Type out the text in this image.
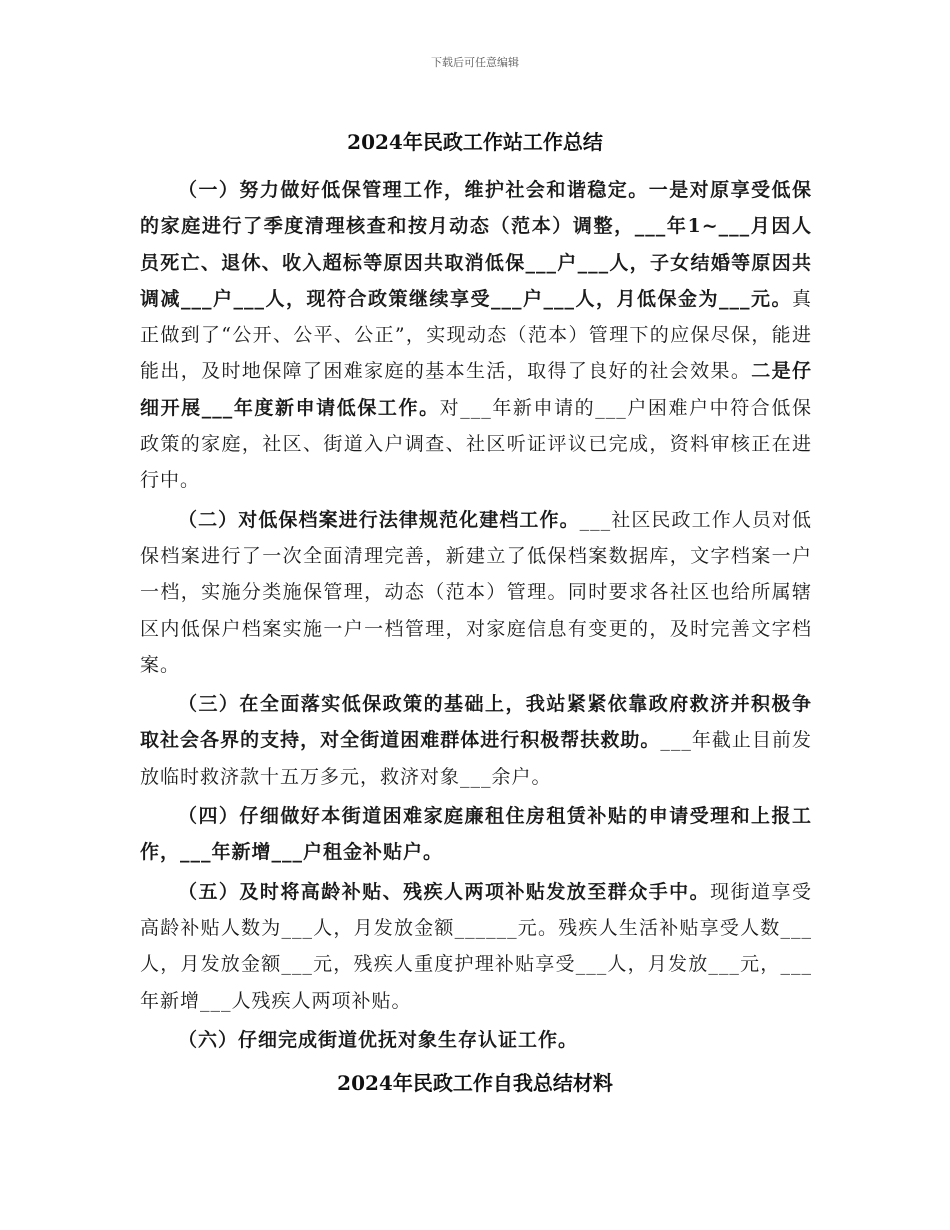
下载后可任意编辑
2024年民政工作站工作总结

（一）努力做好低保管理工作，维护社会和谐稳定。一是对原享受低保的家庭进行了季度清理核查和按月动态（范本）调整，___年1~___月因人员死亡、退休、收入超标等原因共取消低保___户___人，子女结婚等原因共调减___户___人，现符合政策继续享受___户___人，月低保金为___元。真正做到了“公开、公平、公正”，实现动态（范本）管理下的应保尽保，能进能出，及时地保障了困难家庭的基本生活，取得了良好的社会效果。二是仔细开展___年度新申请低保工作。对___年新申请的___户困难户中符合低保政策的家庭，社区、街道入户调查、社区听证评议已完成，资料审核正在进行中。

（二）对低保档案进行法律规范化建档工作。___社区民政工作人员对低保档案进行了一次全面清理完善，新建立了低保档案数据库，文字档案一户一档，实施分类施保管理，动态（范本）管理。同时要求各社区也给所属辖区内低保户档案实施一户一档管理，对家庭信息有变更的，及时完善文字档案。

（三）在全面落实低保政策的基础上，我站紧紧依靠政府救济并积极争取社会各界的支持，对全街道困难群体进行积极帮扶救助。___年截止目前发放临时救济款十五万多元，救济对象___余户。

（四）仔细做好本街道困难家庭廉租住房租赁补贴的申请受理和上报工作，___年新增___户租金补贴户。

（五）及时将高龄补贴、残疾人两项补贴发放至群众手中。现街道享受高龄补贴人数为___人，月发放金额______元。残疾人生活补贴享受人数___人，月发放金额___元，残疾人重度护理补贴享受___人，月发放___元，___年新增___人残疾人两项补贴。

（六）仔细完成街道优抚对象生存认证工作。

2024年民政工作自我总结材料
